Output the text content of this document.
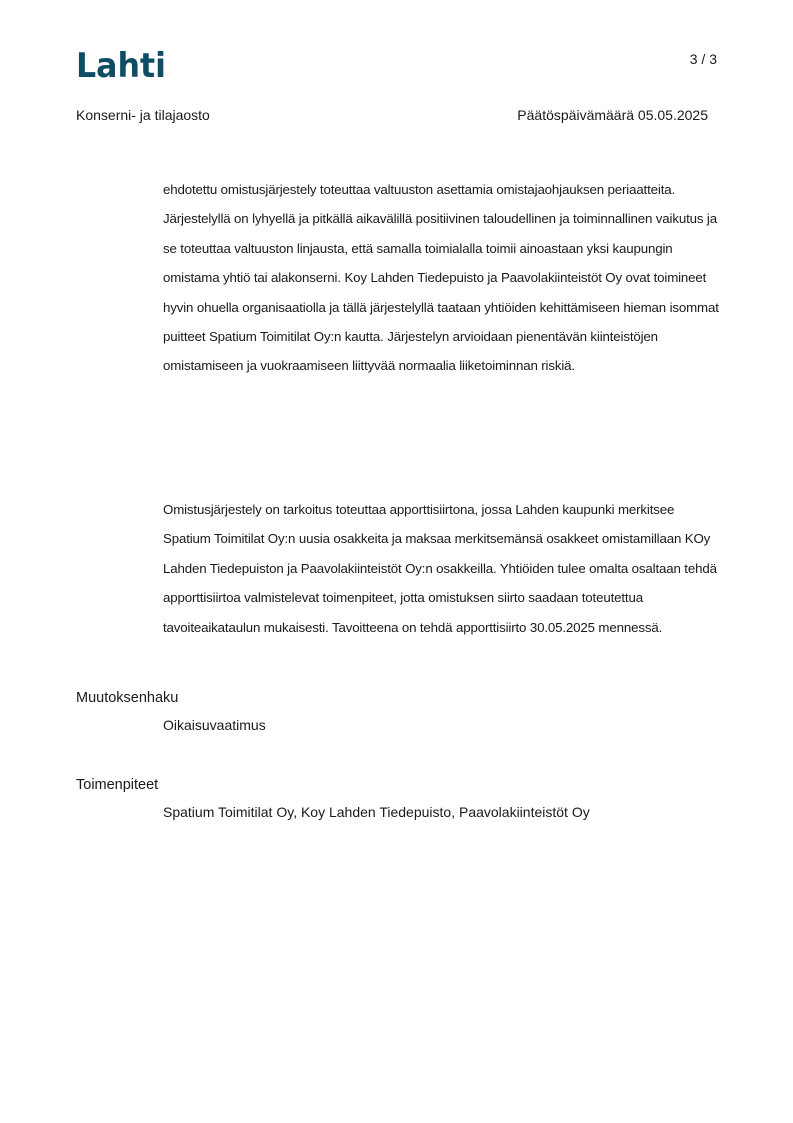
Lahti	3 / 3
Konserni- ja tilajaosto	Päätöspäivämäärä 05.05.2025

ehdotettu omistusjärjestely toteuttaa valtuuston asettamia omistajaohjauksen periaatteita. Järjestelyllä on lyhyellä ja pitkällä aikavälillä positiivinen taloudellinen ja toiminnallinen vaikutus ja se toteuttaa valtuuston linjausta, että samalla toimialalla toimii ainoastaan yksi kaupungin omistama yhtiö tai alakonserni. Koy Lahden Tiedepuisto ja Paavolakiinteistöt Oy ovat toimineet hyvin ohuella organisaatiolla ja tällä järjestelyllä taataan yhtiöiden kehittämiseen hieman isommat puitteet Spatium Toimitilat Oy:n kautta. Järjestelyn arvioidaan pienentävän kiinteistöjen omistamiseen ja vuokraamiseen liittyvää normaalia liiketoiminnan riskiä.

Omistusjärjestely on tarkoitus toteuttaa apporttisiirtona, jossa Lahden kaupunki merkitsee Spatium Toimitilat Oy:n uusia osakkeita ja maksaa merkitsemänsä osakkeet omistamillaan KOy Lahden Tiedepuiston ja Paavolakiinteistöt Oy:n osakkeilla. Yhtiöiden tulee omalta osaltaan tehdä apporttisiirtoa valmistelevat toimenpiteet, jotta omistuksen siirto saadaan toteutettua tavoiteaikataulun mukaisesti. Tavoitteena on tehdä apporttisiirto 30.05.2025 mennessä.

Muutoksenhaku
Oikaisuvaatimus
Toimenpiteet
Spatium Toimitilat Oy, Koy Lahden Tiedepuisto, Paavolakiinteistöt Oy
